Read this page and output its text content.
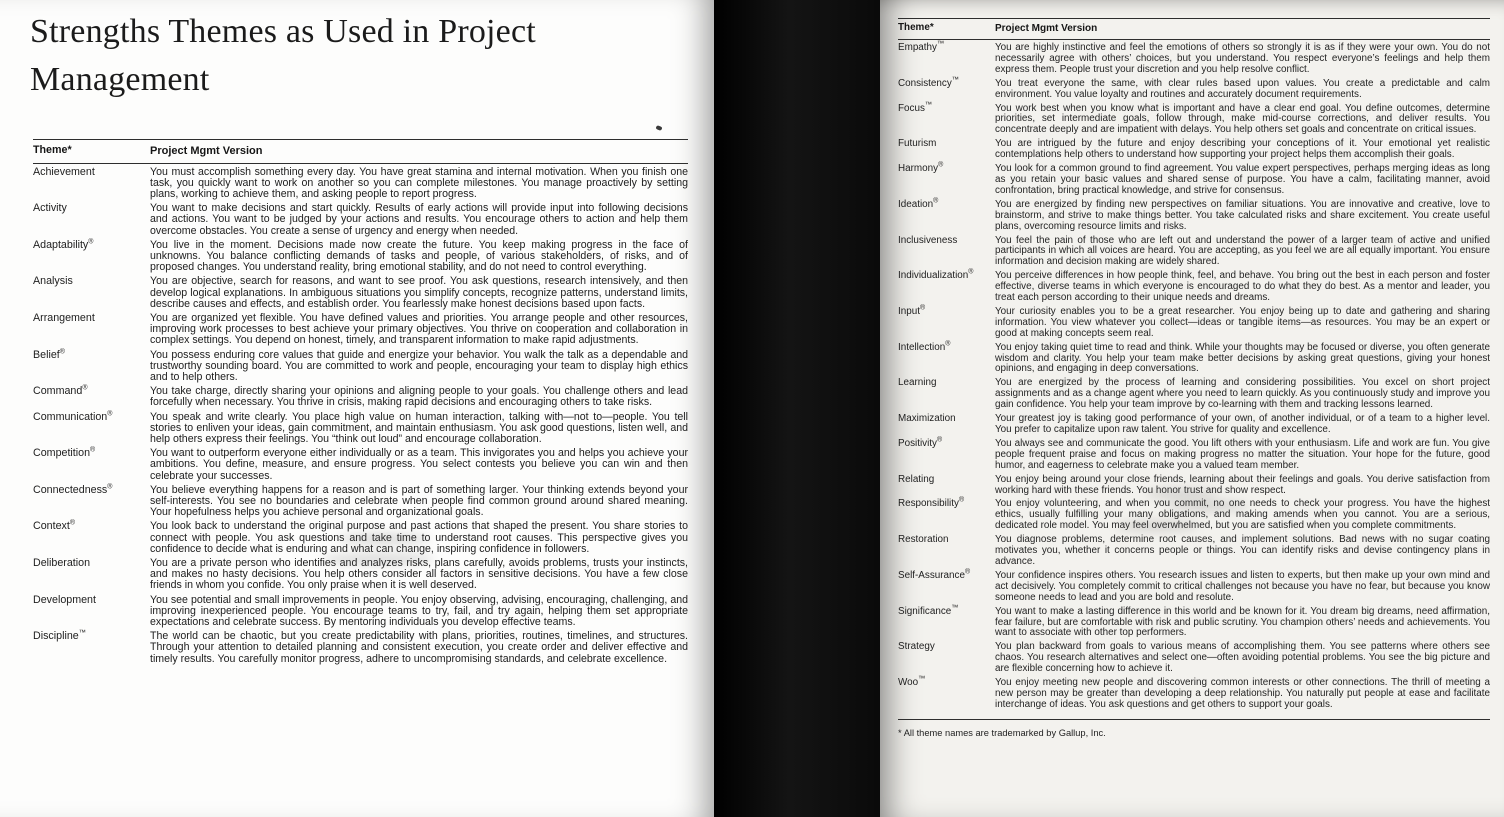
Strengths Themes as Used in Project Management
Theme*	Project Mgmt Version
Achievement	You must accomplish something every day. You have great stamina and internal motivation. When you finish one task, you quickly want to work on another so you can complete milestones. You manage proactively by setting plans, working to achieve them, and asking people to report progress.
Activity	You want to make decisions and start quickly. Results of early actions will provide input into following decisions and actions. You want to be judged by your actions and results. You encourage others to action and help them overcome obstacles. You create a sense of urgency and energy when needed.
Adaptability®	You live in the moment. Decisions made now create the future. You keep making progress in the face of unknowns. You balance conflicting demands of tasks and people, of various stakeholders, of risks, and of proposed changes. You understand reality, bring emotional stability, and do not need to control everything.
Analysis	You are objective, search for reasons, and want to see proof. You ask questions, research intensively, and then develop logical explanations. In ambiguous situations you simplify concepts, recognize patterns, understand limits, describe causes and effects, and establish order. You fearlessly make honest decisions based upon facts.
Arrangement	You are organized yet flexible. You have defined values and priorities. You arrange people and other resources, improving work processes to best achieve your primary objectives. You thrive on cooperation and collaboration in complex settings. You depend on honest, timely, and transparent information to make rapid adjustments.
Belief®	You possess enduring core values that guide and energize your behavior. You walk the talk as a dependable and trustworthy sounding board. You are committed to work and people, encouraging your team to display high ethics and to help others.
Command®	You take charge, directly sharing your opinions and aligning people to your goals. You challenge others and lead forcefully when necessary. You thrive in crisis, making rapid decisions and encouraging others to take risks.
Communication®	You speak and write clearly. You place high value on human interaction, talking with—not to—people. You tell stories to enliven your ideas, gain commitment, and maintain enthusiasm. You ask good questions, listen well, and help others express their feelings. You “think out loud” and encourage collaboration.
Competition®	You want to outperform everyone either individually or as a team. This invigorates you and helps you achieve your ambitions. You define, measure, and ensure progress. You select contests you believe you can win and then celebrate your successes.
Connectedness®	You believe everything happens for a reason and is part of something larger. Your thinking extends beyond your self-interests. You see no boundaries and celebrate when people find common ground around shared meaning. Your hopefulness helps you achieve personal and organizational goals.
Context®	You look back to understand the original purpose and past actions that shaped the present. You share stories to connect with people. You ask questions and take time to understand root causes. This perspective gives you confidence to decide what is enduring and what can change, inspiring confidence in followers.
Deliberation	You are a private person who identifies and analyzes risks, plans carefully, avoids problems, trusts your instincts, and makes no hasty decisions. You help others consider all factors in sensitive decisions. You have a few close friends in whom you confide. You only praise when it is well deserved.
Development	You see potential and small improvements in people. You enjoy observing, advising, encouraging, challenging, and improving inexperienced people. You encourage teams to try, fail, and try again, helping them set appropriate expectations and celebrate success. By mentoring individuals you develop effective teams.
Discipline™	The world can be chaotic, but you create predictability with plans, priorities, routines, timelines, and structures. Through your attention to detailed planning and consistent execution, you create order and deliver effective and timely results. You carefully monitor progress, adhere to uncompromising standards, and celebrate excellence.
Theme*	Project Mgmt Version
Empathy™	You are highly instinctive and feel the emotions of others so strongly it is as if they were your own. You do not necessarily agree with others’ choices, but you understand. You respect everyone’s feelings and help them express them. People trust your discretion and you help resolve conflict.
Consistency™	You treat everyone the same, with clear rules based upon values. You create a predictable and calm environment. You value loyalty and routines and accurately document requirements.
Focus™	You work best when you know what is important and have a clear end goal. You define outcomes, determine priorities, set intermediate goals, follow through, make mid-course corrections, and deliver results. You concentrate deeply and are impatient with delays. You help others set goals and concentrate on critical issues.
Futurism	You are intrigued by the future and enjoy describing your conceptions of it. Your emotional yet realistic contemplations help others to understand how supporting your project helps them accomplish their goals.
Harmony®	You look for a common ground to find agreement. You value expert perspectives, perhaps merging ideas as long as you retain your basic values and shared sense of purpose. You have a calm, facilitating manner, avoid confrontation, bring practical knowledge, and strive for consensus.
Ideation®	You are energized by finding new perspectives on familiar situations. You are innovative and creative, love to brainstorm, and strive to make things better. You take calculated risks and share excitement. You create useful plans, overcoming resource limits and risks.
Inclusiveness	You feel the pain of those who are left out and understand the power of a larger team of active and unified participants in which all voices are heard. You are accepting, as you feel we are all equally important. You ensure information and decision making are widely shared.
Individualization®	You perceive differences in how people think, feel, and behave. You bring out the best in each person and foster effective, diverse teams in which everyone is encouraged to do what they do best. As a mentor and leader, you treat each person according to their unique needs and dreams.
Input®	Your curiosity enables you to be a great researcher. You enjoy being up to date and gathering and sharing information. You view whatever you collect—ideas or tangible items—as resources. You may be an expert or good at making concepts seem real.
Intellection®	You enjoy taking quiet time to read and think. While your thoughts may be focused or diverse, you often generate wisdom and clarity. You help your team make better decisions by asking great questions, giving your honest opinions, and engaging in deep conversations.
Learning	You are energized by the process of learning and considering possibilities. You excel on short project assignments and as a change agent where you need to learn quickly. As you continuously study and improve you gain confidence. You help your team improve by co-learning with them and tracking lessons learned.
Maximization	Your greatest joy is taking good performance of your own, of another individual, or of a team to a higher level. You prefer to capitalize upon raw talent. You strive for quality and excellence.
Positivity®	You always see and communicate the good. You lift others with your enthusiasm. Life and work are fun. You give people frequent praise and focus on making progress no matter the situation. Your hope for the future, good humor, and eagerness to celebrate make you a valued team member.
Relating	You enjoy being around your close friends, learning about their feelings and goals. You derive satisfaction from working hard with these friends. You honor trust and show respect.
Responsibility®	You enjoy volunteering, and when you commit, no one needs to check your progress. You have the highest ethics, usually fulfilling your many obligations, and making amends when you cannot. You are a serious, dedicated role model. You may feel overwhelmed, but you are satisfied when you complete commitments.
Restoration	You diagnose problems, determine root causes, and implement solutions. Bad news with no sugar coating motivates you, whether it concerns people or things. You can identify risks and devise contingency plans in advance.
Self-Assurance®	Your confidence inspires others. You research issues and listen to experts, but then make up your own mind and act decisively. You completely commit to critical challenges not because you have no fear, but because you know someone needs to lead and you are bold and resolute.
Significance™	You want to make a lasting difference in this world and be known for it. You dream big dreams, need affirmation, fear failure, but are comfortable with risk and public scrutiny. You champion others’ needs and achievements. You want to associate with other top performers.
Strategy	You plan backward from goals to various means of accomplishing them. You see patterns where others see chaos. You research alternatives and select one—often avoiding potential problems. You see the big picture and are flexible concerning how to achieve it.
Woo™	You enjoy meeting new people and discovering common interests or other connections. The thrill of meeting a new person may be greater than developing a deep relationship. You naturally put people at ease and facilitate interchange of ideas. You ask questions and get others to support your goals.
* All theme names are trademarked by Gallup, Inc.
